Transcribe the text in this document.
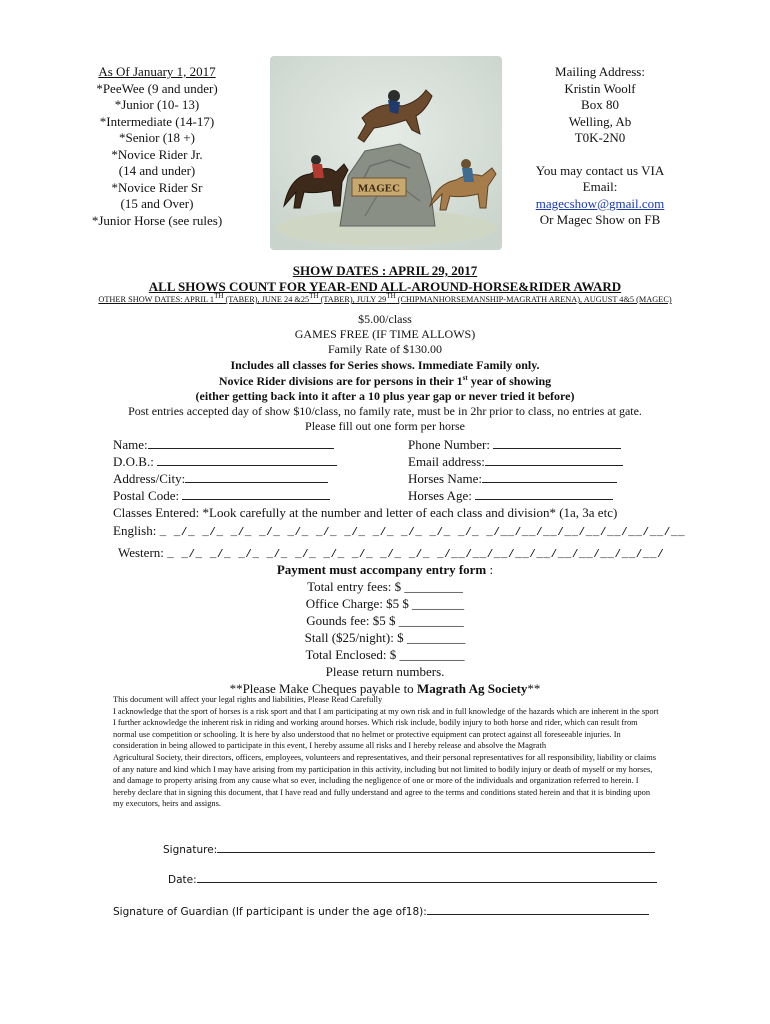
As Of January 1, 2017
*PeeWee (9 and under)
*Junior (10- 13)
*Intermediate (14-17)
*Senior (18 +)
*Novice Rider Jr.
(14 and under)
*Novice Rider Sr
(15 and Over)
*Junior Horse (see rules)
MAGEC
Mailing Address:
Kristin Woolf
Box 80
Welling, Ab
T0K-2N0
You may contact us VIA
Email:
magecshow@gmail.com
Or Magec Show on FB
SHOW DATES : APRIL 29, 2017
ALL SHOWS COUNT FOR YEAR-END ALL-AROUND-HORSE&RIDER AWARD
OTHER SHOW DATES: APRIL 1TH (TABER), JUNE 24 &25TH (TABER), JULY 29TH (CHIPMANHORSEMANSHIP-MAGRATH ARENA), AUGUST 4&5 (MAGEC)
$5.00/class
GAMES FREE (IF TIME ALLOWS)
Family Rate of $130.00
Includes all classes for Series shows. Immediate Family only.
Novice Rider divisions are for persons in their 1st year of showing
(either getting back into it after a 10 plus year gap or never tried it before)
Post entries accepted day of show $10/class, no family rate, must be in 2hr prior to class, no entries at gate.
Please fill out one form per horse
Name:	Phone Number:
D.O.B.:	Email address:
Address/City:	Horses Name:
Postal Code:	Horses Age:
Classes Entered: *Look carefully at the number and letter of each class and division* (1a, 3a etc)
English: _ _/_ _/_ _/_ _/_ _/_ _/_ _/_ _/_ _/_ _/_ _/_ _/__/__/__/__/__/__/__/__/__
Western: _ _/_ _/_ _/_ _/_ _/_ _/_ _/_ _/_ _/_ _/__/__/__/__/__/__/__/__/__/__/
Payment must accompany entry form :
Total entry fees: $ _________
Office Charge: $5 $ ________
Gounds fee: $5 $ __________
Stall ($25/night): $ _________
Total Enclosed: $ __________
Please return numbers.
**Please Make Cheques payable to Magrath Ag Society**

This document will affect your legal rights and liabilities, Please Read Carefully

I acknowledge that the sport of horses is a risk sport and that I am participating at my own risk and in full knowledge of the hazards which are inherent in the sport I further acknowledge the inherent risk in riding and working around horses. Which risk include, bodily injury to both horse and rider, which can result from normal use competition or schooling. It is here by also understood that no helmet or protective equipment can protect against all foreseeable injuries. In consideration in being allowed to participate in this event, I hereby assume all risks and I hereby release and absolve the Magrath

Agricultural Society, their directors, officers, employees, volunteers and representatives, and their personal representatives for all responsibility, liability or claims of any nature and kind which I may have arising from my participation in this activity, including but not limited to bodily injury or death of myself or my horses, and damage to property arising from any cause what so ever, including the negligence of one or more of the individuals and organization referred to herein. I hereby declare that in signing this document, that I have read and fully understand and agree to the terms and conditions stated herein and that it is binding upon my executors, heirs and assigns.

Signature:
Date:
Signature of Guardian (If participant is under the age of18):
